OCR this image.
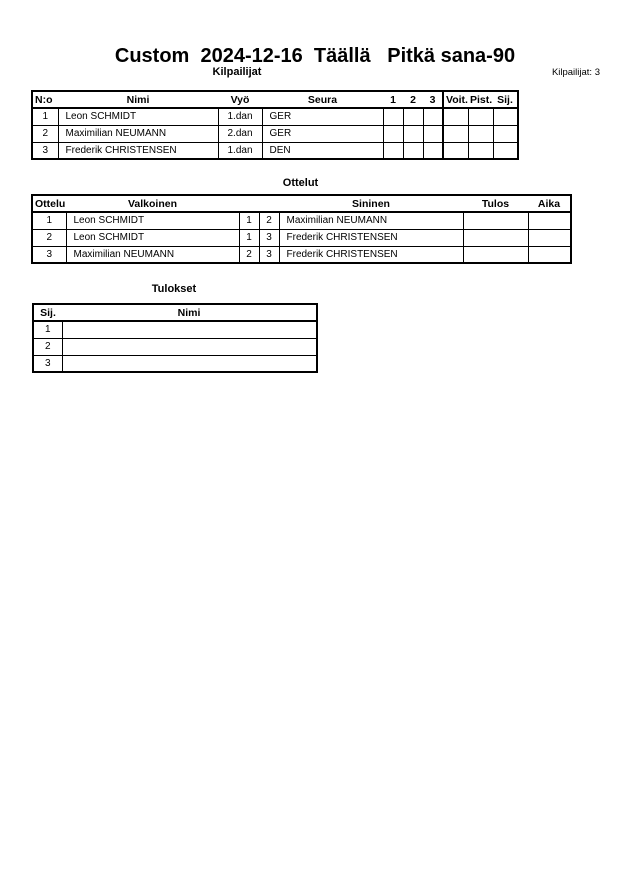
Custom  2024-12-16  Täällä   Pitkä sana-90
Kilpailijat	Kilpailijat: 3
N:o	Nimi	Vyö	Seura	1	2	3	Voit.	Pist.	Sij.
1	Leon SCHMIDT	1.dan	GER						
2	Maximilian NEUMANN	2.dan	GER						
3	Frederik CHRISTENSEN	1.dan	DEN						
Ottelut
Ottelu	Valkoinen			Sininen	Tulos	Aika
1	Leon SCHMIDT	1	2	Maximilian NEUMANN		
2	Leon SCHMIDT	1	3	Frederik CHRISTENSEN		
3	Maximilian NEUMANN	2	3	Frederik CHRISTENSEN		
Tulokset
Sij.	Nimi
1	
2	
3	
